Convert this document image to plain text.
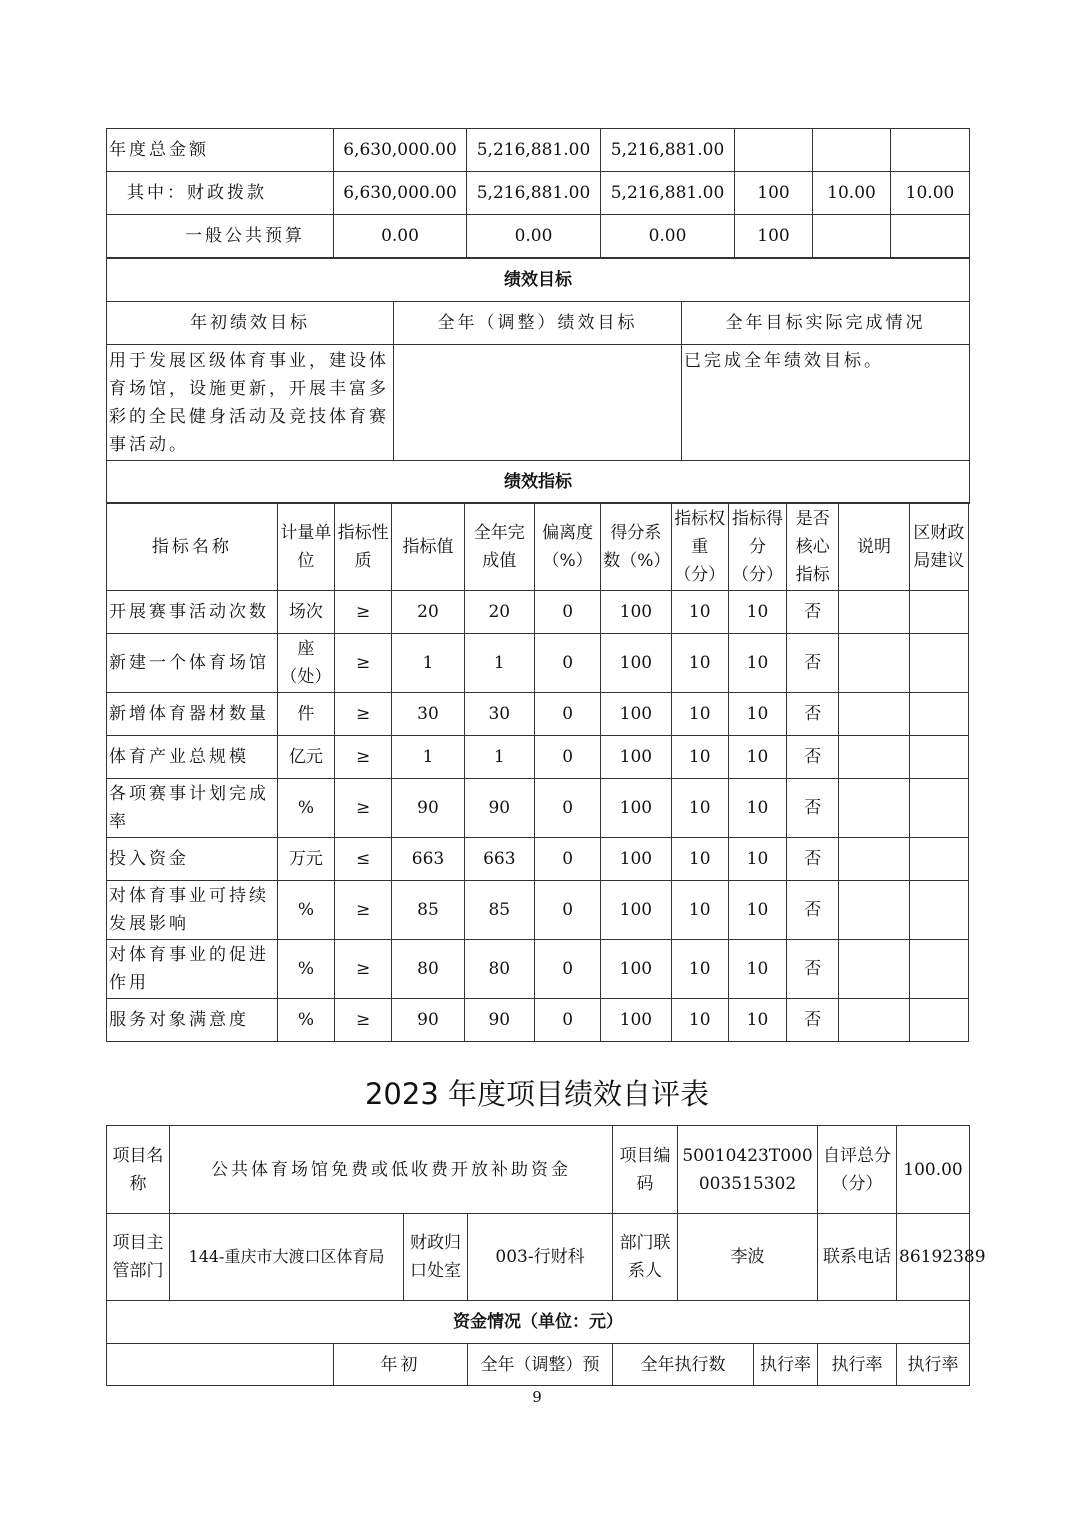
年度总金额	6,630,000.00	5,216,881.00	5,216,881.00			
其中：财政拨款	6,630,000.00	5,216,881.00	5,216,881.00	100	10.00	10.00
一般公共预算	0.00	0.00	0.00	100		
绩效目标		
年初绩效目标	全年（调整）绩效目标	全年目标实际完成情况
用于发展区级体育事业，建设体育场馆，设施更新，开展丰富多彩的全民健身活动及竞技体育赛事活动。		已完成全年绩效目标。
绩效指标		
指标名称	计量单位	指标性质	指标值	全年完成值	偏离度（%）	得分系数（%）	指标权重（分）	指标得分（分）	是否核心指标	说明	区财政局建议
开展赛事活动次数	场次	≥	20	20	0	100	10	10	否		
新建一个体育场馆	座（处）	≥	1	1	0	100	10	10	否		
新增体育器材数量	件	≥	30	30	0	100	10	10	否		
体育产业总规模	亿元	≥	1	1	0	100	10	10	否		
各项赛事计划完成率	%	≥	90	90	0	100	10	10	否		
投入资金	万元	≤	663	663	0	100	10	10	否		
对体育事业可持续发展影响	%	≥	85	85	0	100	10	10	否		
对体育事业的促进作用	%	≥	80	80	0	100	10	10	否		
服务对象满意度	%	≥	90	90	0	100	10	10	否		
2023 年度项目绩效自评表
项目名称	公共体育场馆免费或低收费开放补助资金				项目编码	50010423T000003515302		自评总分（分）	100.00
项目主管部门	144-重庆市大渡口区体育局		财政归口处室	003-行财科	部门联系人	李波		联系电话	86192389
资金情况（单位：元）									
		年初		全年（调整）预	全年执行数		执行率	执行率	执行率
9
